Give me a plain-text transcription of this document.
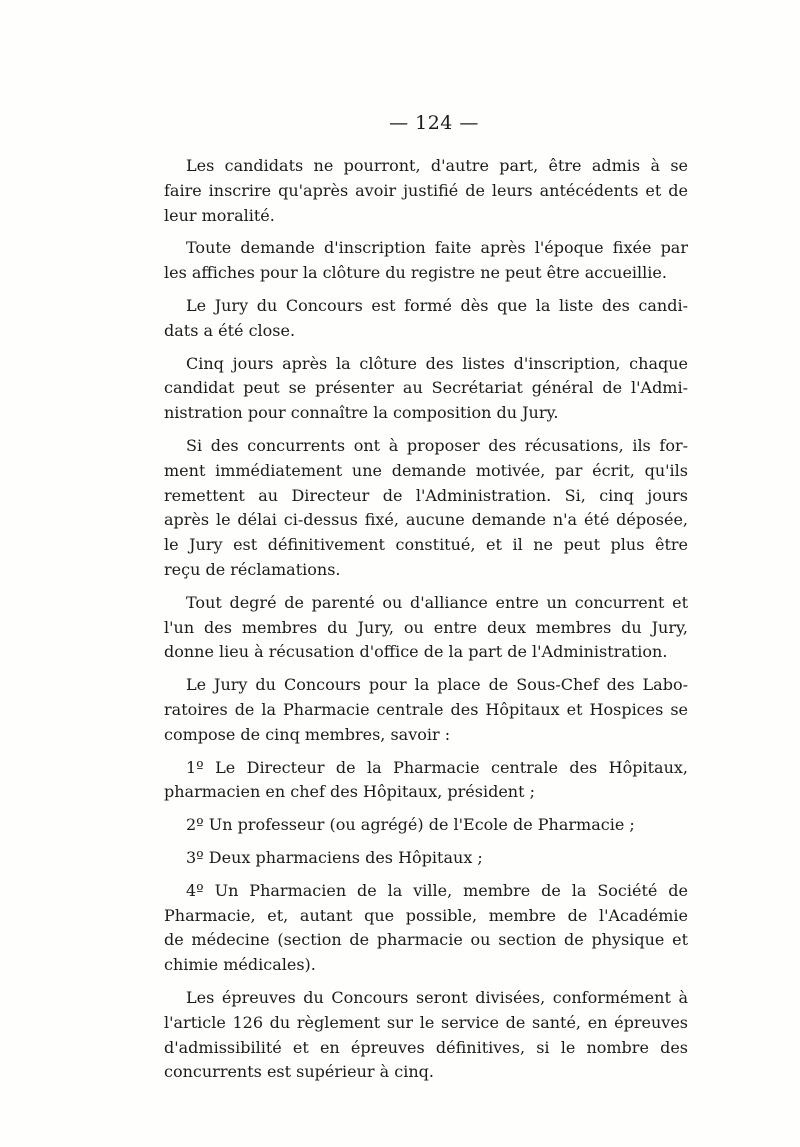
— 124 —
Les candidats ne pourront, d'autre part, être admis à se
faire inscrire qu'après avoir justifié de leurs antécédents et de
leur moralité.
Toute demande d'inscription faite après l'époque fixée par
les affiches pour la clôture du registre ne peut être accueillie.
Le Jury du Concours est formé dès que la liste des candi-
dats a été close.
Cinq jours après la clôture des listes d'inscription, chaque
candidat peut se présenter au Secrétariat général de l'Admi-
nistration pour connaître la composition du Jury.
Si des concurrents ont à proposer des récusations, ils for-
ment immédiatement une demande motivée, par écrit, qu'ils
remettent au Directeur de l'Administration. Si, cinq jours
après le délai ci-dessus fixé, aucune demande n'a été déposée,
le Jury est définitivement constitué, et il ne peut plus être
reçu de réclamations.
Tout degré de parenté ou d'alliance entre un concurrent et
l'un des membres du Jury, ou entre deux membres du Jury,
donne lieu à récusation d'office de la part de l'Administration.
Le Jury du Concours pour la place de Sous-Chef des Labo-
ratoires de la Pharmacie centrale des Hôpitaux et Hospices se
compose de cinq membres, savoir :
1º Le Directeur de la Pharmacie centrale des Hôpitaux,
pharmacien en chef des Hôpitaux, président ;
2º Un professeur (ou agrégé) de l'Ecole de Pharmacie ;
3º Deux pharmaciens des Hôpitaux ;
4º Un Pharmacien de la ville, membre de la Société de
Pharmacie, et, autant que possible, membre de l'Académie
de médecine (section de pharmacie ou section de physique et
chimie médicales).
Les épreuves du Concours seront divisées, conformément à
l'article 126 du règlement sur le service de santé, en épreuves
d'admissibilité et en épreuves définitives, si le nombre des
concurrents est supérieur à cinq.
